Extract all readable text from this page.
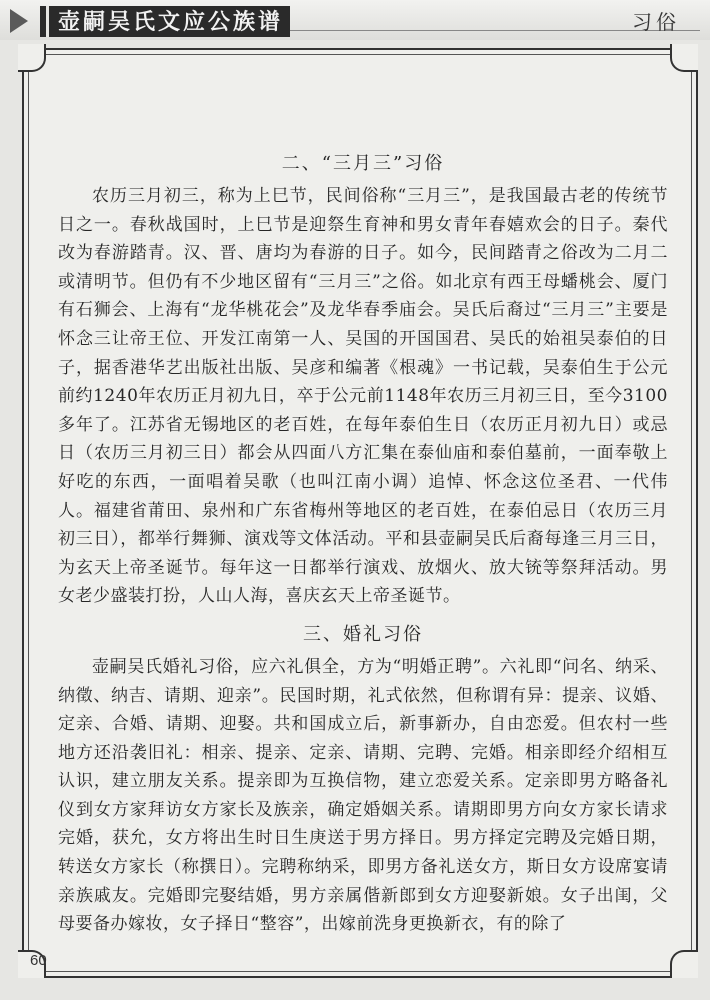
壶嗣吴氏文应公族谱	习俗
二、“三月三”习俗

农历三月初三，称为上巳节，民间俗称“三月三”，是我国最古老的传统节日之一。春秋战国时，上巳节是迎祭生育神和男女青年春嬉欢会的日子。秦代改为春游踏青。汉、晋、唐均为春游的日子。如今，民间踏青之俗改为二月二或清明节。但仍有不少地区留有“三月三”之俗。如北京有西王母蟠桃会、厦门有石狮会、上海有“龙华桃花会”及龙华春季庙会。吴氏后裔过“三月三”主要是怀念三让帝王位、开发江南第一人、吴国的开国国君、吴氏的始祖吴泰伯的日子，据香港华艺出版社出版、吴彦和编著《根魂》一书记载，吴泰伯生于公元前约1240年农历正月初九日，卒于公元前1148年农历三月初三日，至今3100多年了。江苏省无锡地区的老百姓，在每年泰伯生日（农历正月初九日）或忌日（农历三月初三日）都会从四面八方汇集在泰仙庙和泰伯墓前，一面奉敬上好吃的东西，一面唱着吴歌（也叫江南小调）追悼、怀念这位圣君、一代伟人。福建省莆田、泉州和广东省梅州等地区的老百姓，在泰伯忌日（农历三月初三日），都举行舞狮、演戏等文体活动。平和县壶嗣吴氏后裔每逢三月三日，为玄天上帝圣诞节。每年这一日都举行演戏、放烟火、放大铳等祭拜活动。男女老少盛装打扮，人山人海，喜庆玄天上帝圣诞节。

三、婚礼习俗

壶嗣吴氏婚礼习俗，应六礼俱全，方为“明婚正聘”。六礼即“问名、纳采、纳徵、纳吉、请期、迎亲”。民国时期，礼式依然，但称谓有异：提亲、议婚、定亲、合婚、请期、迎娶。共和国成立后，新事新办，自由恋爱。但农村一些地方还沿袭旧礼：相亲、提亲、定亲、请期、完聘、完婚。相亲即经介绍相互认识，建立朋友关系。提亲即为互换信物，建立恋爱关系。定亲即男方略备礼仪到女方家拜访女方家长及族亲，确定婚姻关系。请期即男方向女方家长请求完婚，获允，女方将出生时日生庚送于男方择日。男方择定完聘及完婚日期，转送女方家长（称撰日）。完聘称纳采，即男方备礼送女方，斯日女方设席宴请亲族戚友。完婚即完娶结婚，男方亲属偕新郎到女方迎娶新娘。女子出闺，父母要备办嫁妆，女子择日“整容”，出嫁前洗身更换新衣，有的除了

60
